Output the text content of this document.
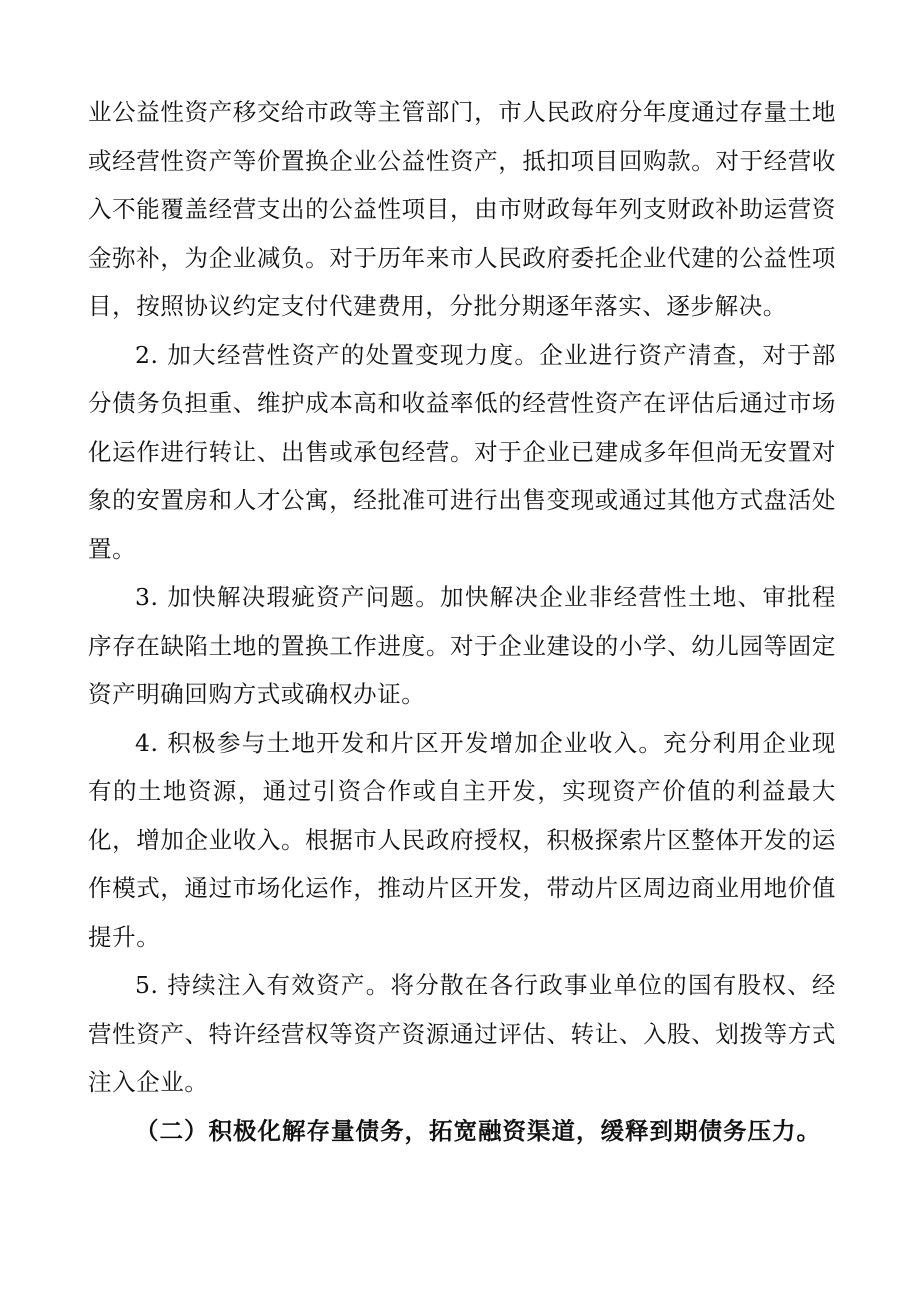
业公益性资产移交给市政等主管部门，市人民政府分年度通过存量土地或经营性资产等价置换企业公益性资产，抵扣项目回购款。对于经营收入不能覆盖经营支出的公益性项目，由市财政每年列支财政补助运营资金弥补，为企业减负。对于历年来市人民政府委托企业代建的公益性项目，按照协议约定支付代建费用，分批分期逐年落实、逐步解决。

2. 加大经营性资产的处置变现力度。企业进行资产清查，对于部分债务负担重、维护成本高和收益率低的经营性资产在评估后通过市场化运作进行转让、出售或承包经营。对于企业已建成多年但尚无安置对象的安置房和人才公寓，经批准可进行出售变现或通过其他方式盘活处置。

3. 加快解决瑕疵资产问题。加快解决企业非经营性土地、审批程序存在缺陷土地的置换工作进度。对于企业建设的小学、幼儿园等固定资产明确回购方式或确权办证。

4. 积极参与土地开发和片区开发增加企业收入。充分利用企业现有的土地资源，通过引资合作或自主开发，实现资产价值的利益最大化，增加企业收入。根据市人民政府授权，积极探索片区整体开发的运作模式，通过市场化运作，推动片区开发，带动片区周边商业用地价值提升。

5. 持续注入有效资产。将分散在各行政事业单位的国有股权、经营性资产、特许经营权等资产资源通过评估、转让、入股、划拨等方式注入企业。

（二）积极化解存量债务，拓宽融资渠道，缓释到期债务压力。
